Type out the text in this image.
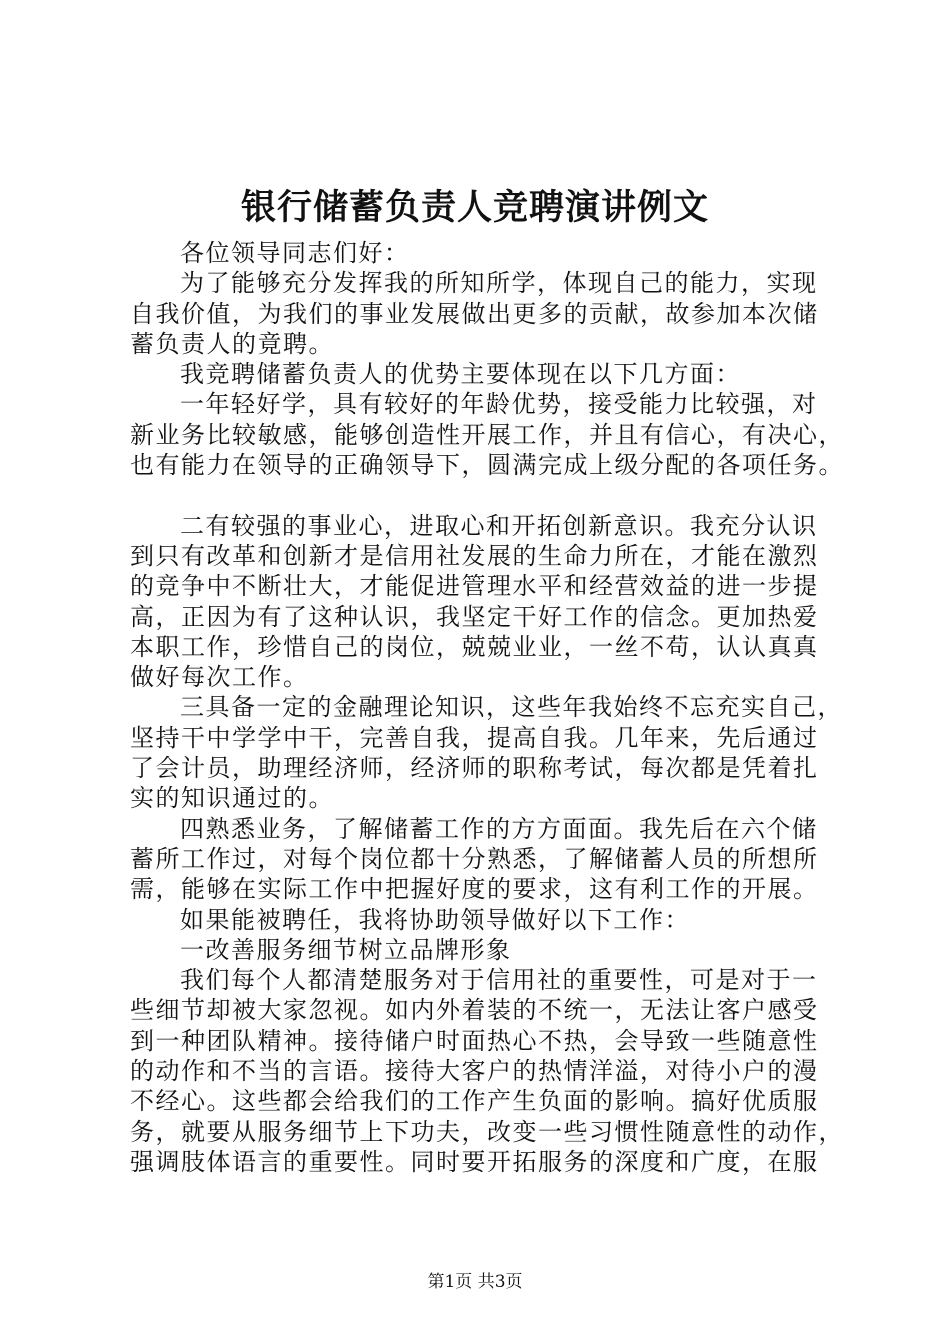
银行储蓄负责人竞聘演讲例文
各位领导同志们好：
为了能够充分发挥我的所知所学，体现自己的能力，实现
自我价值，为我们的事业发展做出更多的贡献，故参加本次储
蓄负责人的竟聘。
我竞聘储蓄负责人的优势主要体现在以下几方面：
一年轻好学，具有较好的年龄优势，接受能力比较强，对
新业务比较敏感，能够创造性开展工作，并且有信心，有决心，
也有能力在领导的正确领导下，圆满完成上级分配的各项任务。
二有较强的事业心，进取心和开拓创新意识。我充分认识
到只有改革和创新才是信用社发展的生命力所在，才能在激烈
的竞争中不断壮大，才能促进管理水平和经营效益的进一步提
高，正因为有了这种认识，我坚定干好工作的信念。更加热爱
本职工作，珍惜自己的岗位，兢兢业业，一丝不苟，认认真真
做好每次工作。
三具备一定的金融理论知识，这些年我始终不忘充实自己，
坚持干中学学中干，完善自我，提高自我。几年来，先后通过
了会计员，助理经济师，经济师的职称考试，每次都是凭着扎
实的知识通过的。
四熟悉业务，了解储蓄工作的方方面面。我先后在六个储
蓄所工作过，对每个岗位都十分熟悉，了解储蓄人员的所想所
需，能够在实际工作中把握好度的要求，这有利工作的开展。
如果能被聘任，我将协助领导做好以下工作：
一改善服务细节树立品牌形象
我们每个人都清楚服务对于信用社的重要性，可是对于一
些细节却被大家忽视。如内外着装的不统一，无法让客户感受
到一种团队精神。接待储户时面热心不热，会导致一些随意性
的动作和不当的言语。接待大客户的热情洋溢，对待小户的漫
不经心。这些都会给我们的工作产生负面的影响。搞好优质服
务，就要从服务细节上下功夫，改变一些习惯性随意性的动作，
强调肢体语言的重要性。同时要开拓服务的深度和广度，在服
第1页 共3页
